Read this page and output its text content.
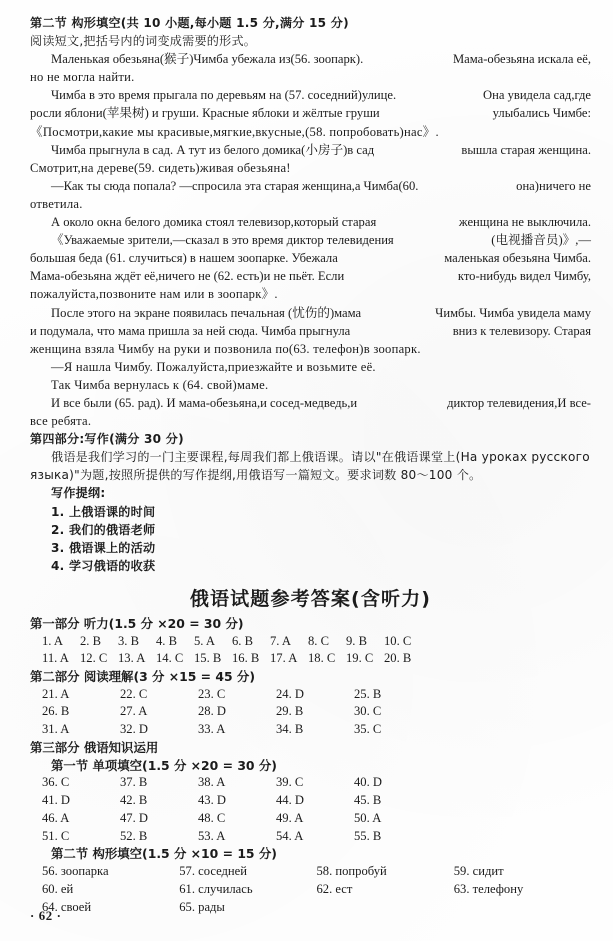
第二节 构形填空(共 10 小题,每小题 1.5 分,满分 15 分)
阅读短文,把括号内的词变成需要的形式。
Маленькая обезьяна(猴子)Чимба убежала из(56. зоопарк).	Мама-обезьяна искала её,
но не могла найти.
Чимба в это время прыгала по деревьям на (57. соседний)улице.	Она увидела сад,где
росли яблони(苹果树) и груши. Красные яблоки и жёлтые груши	улыбались Чимбе:
《Посмотри,какие мы красивые,мягкие,вкусные,(58. попробовать)нас》.
Чимба прыгнула в сад. А тут из белого домика(小房子)в сад	вышла старая женщина.
Смотрит,на дереве(59. сидеть)живая обезьяна!
—Как ты сюда попала? —спросила эта старая женщина,а Чимба(60.	она)ничего не
ответила.
А около окна белого домика стоял телевизор,который старая	женщина не выключила.
《Уважаемые зрители,—сказал в это время диктор телевидения	(电视播音员)》,—
большая беда (61. случиться) в нашем зоопарке. Убежала	маленькая обезьяна Чимба.
Мама-обезьяна ждёт её,ничего не (62. есть)и не пьёт. Если	кто-нибудь видел Чимбу,
пожалуйста,позвоните нам или в зоопарк》.
После этого на экране появилась печальная (忧伤的)мама	Чимбы. Чимба увидела маму
и подумала, что мама пришла за ней сюда. Чимба прыгнула	вниз к телевизору. Старая
женщина взяла Чимбу на руки и позвонила по(63. телефон)в зоопарк.
—Я нашла Чимбу. Пожалуйста,приезжайте и возьмите её.
Так Чимба вернулась к (64. свой)маме.
И все были (65. рад). И мама-обезьяна,и сосед-медведь,и	диктор телевидения,И все-
все ребята.
第四部分:写作(满分 30 分)
俄语是我们学习的一门主要课程,每周我们都上俄语课。请以"在俄语课堂上(На уроках русского
языка)"为题,按照所提供的写作提纲,用俄语写一篇短文。要求词数 80～100 个。
写作提纲:
1. 上俄语课的时间
2. 我们的俄语老师
3. 俄语课上的活动
4. 学习俄语的收获
俄语试题参考答案(含听力)
第一部分 听力(1.5 分 ×20 = 30 分)
1. A	2. B	3. B	4. B	5. A	6. B	7. A	8. C	9. B	10. C
11. A 12. C 13. A 14. C 15. B 16. B 17. A 18. C 19. C 20. B
第二部分 阅读理解(3 分 ×15 = 45 分)
21. A	22. C	23. C	24. D	25. B
26. B	27. A	28. D	29. B	30. C
31. A	32. D	33. A	34. B	35. C
第三部分 俄语知识运用
第一节 单项填空(1.5 分 ×20 = 30 分)
36. C	37. B	38. A	39. C	40. D
41. D	42. B	43. D	44. D	45. B
46. A	47. D	48. C	49. A	50. A
51. C	52. B	53. A	54. A	55. B
第二节 构形填空(1.5 分 ×10 = 15 分)
56. зоопарка	57. соседней	58. попробуй	59. сидит
60. ей	61. случилась	62. ест	63. телефону
64. своей	65. рады
· 62 ·
